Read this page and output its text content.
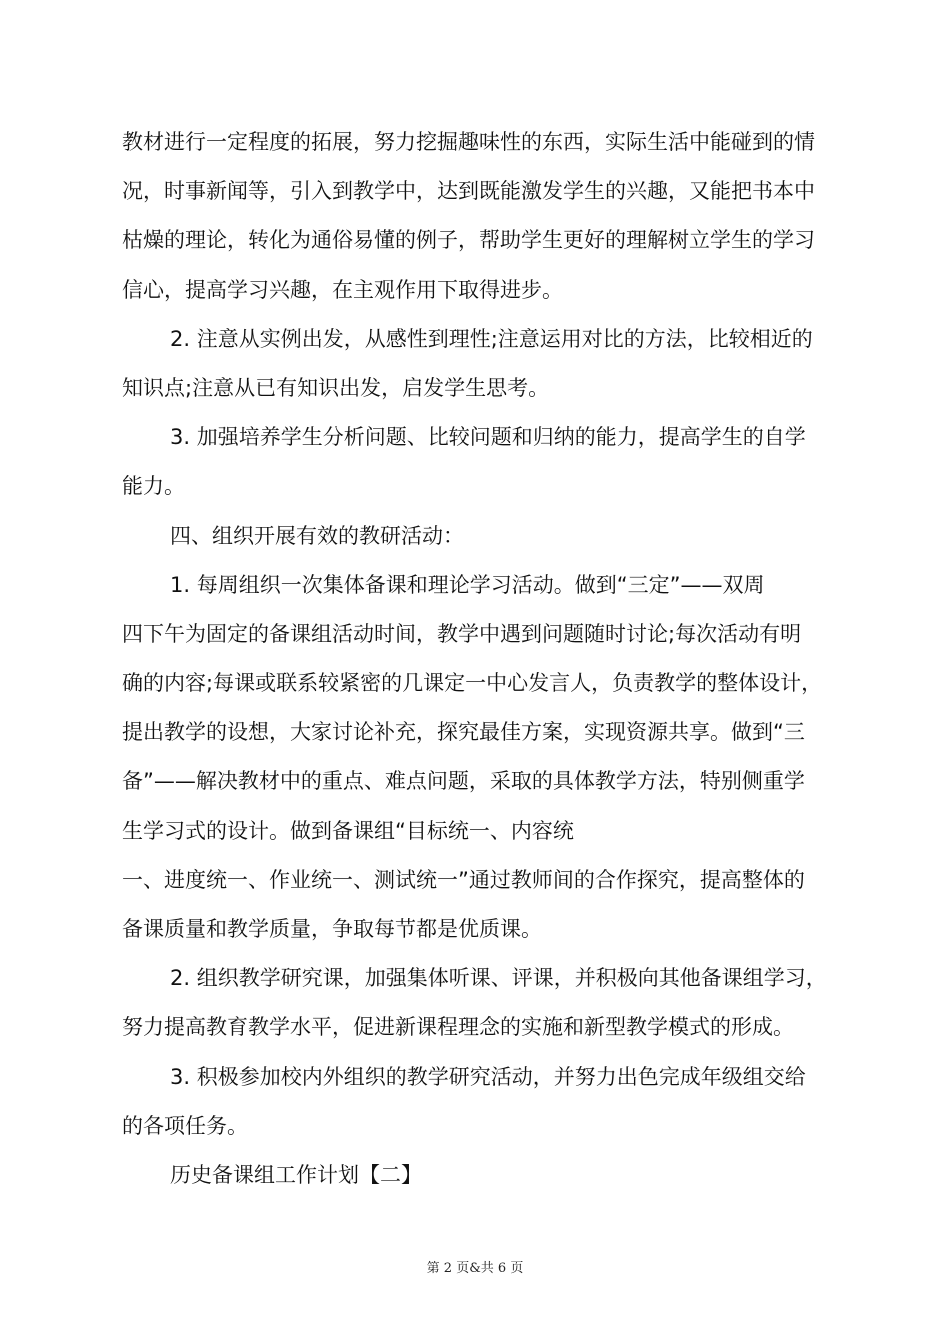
教材进行一定程度的拓展，努力挖掘趣味性的东西，实际生活中能碰到的情
况，时事新闻等，引入到教学中，达到既能激发学生的兴趣，又能把书本中
枯燥的理论，转化为通俗易懂的例子，帮助学生更好的理解树立学生的学习
信心，提高学习兴趣，在主观作用下取得进步。
2. 注意从实例出发，从感性到理性;注意运用对比的方法，比较相近的
知识点;注意从已有知识出发，启发学生思考。
3. 加强培养学生分析问题、比较问题和归纳的能力，提高学生的自学
能力。
四、组织开展有效的教研活动：
1. 每周组织一次集体备课和理论学习活动。做到“三定”——双周
四下午为固定的备课组活动时间，教学中遇到问题随时讨论;每次活动有明
确的内容;每课或联系较紧密的几课定一中心发言人，负责教学的整体设计，
提出教学的设想，大家讨论补充，探究最佳方案，实现资源共享。做到“三
备”——解决教材中的重点、难点问题，采取的具体教学方法，特别侧重学
生学习式的设计。做到备课组“目标统一、内容统
一、进度统一、作业统一、测试统一”通过教师间的合作探究，提高整体的
备课质量和教学质量，争取每节都是优质课。
2. 组织教学研究课，加强集体听课、评课，并积极向其他备课组学习，
努力提高教育教学水平，促进新课程理念的实施和新型教学模式的形成。
3. 积极参加校内外组织的教学研究活动，并努力出色完成年级组交给
的各项任务。
历史备课组工作计划【二】
第 2 页&共 6 页
